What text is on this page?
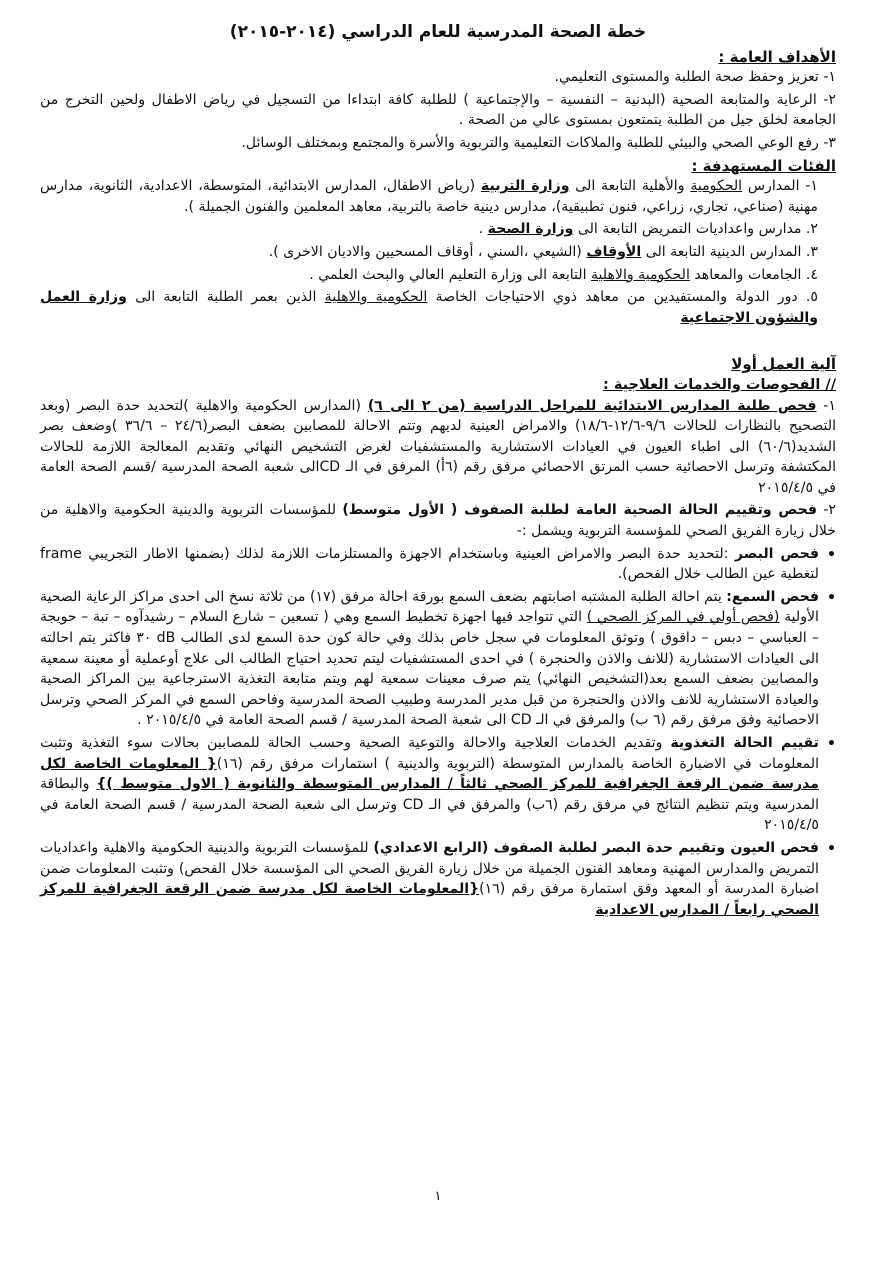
خطة الصحة المدرسية للعام الدراسي (٢٠١٤-٢٠١٥)
الأهداف العامة :
١- تعزيز وحفظ صحة الطلبة والمستوى التعليمي.
٢- الرعاية والمتابعة الصحية (البدنية – النفسية – والإجتماعية ) للطلبة كافة ابتداءا من التسجيل في رياض الاطفال ولحين التخرج من الجامعة لخلق جيل من الطلبة يتمتعون بمستوى عالي من الصحة .
٣- رفع الوعي الصحي والبيئي للطلبة والملاكات التعليمية والتربوية والأسرة والمجتمع وبمختلف الوسائل.
الفئات المستهدفة :
١- المدارس الحكومية والأهلية التابعة الى وزارة التربية (رياض الاطفال، المدارس الابتدائية، المتوسطة، الاعدادية، الثانوية، مدارس مهنية (صناعي، تجاري، زراعي، فنون تطبيقية)، مدارس دينية خاصة بالتربية، معاهد المعلمين والفنون الجميلة ).
٢. مدارس واعداديات التمريض التابعة الى وزارة الصحة .
٣. المدارس الدينية التابعة الى الأوقاف (الشيعي ،السني ، أوقاف المسحيين والاديان الاخرى ).
٤. الجامعات والمعاهد الحكومية والاهلية التابعة الى وزارة التعليم العالي والبحث العلمي .
٥. دور الدولة والمستفيدين من معاهد ذوي الاحتياجات الخاصة الحكومية والاهلية الذين بعمر الطلبة التابعة الى وزارة العمل والشؤون الاجتماعية
آلية العمل أولا
// الفحوصات والخدمات العلاجية :
١- فحص طلبة المدارس الابتدائية للمراحل الدراسية (من ٢ الى ٦) (المدارس الحكومية والاهلية )لتحديد حدة البصر (وبعد التصحيح بالنظارات للحالات ٩/٦-١٢/٦-١٨/٦) والامراض العينية لديهم وتتم الاحالة للمصابين بضعف البصر(٢٤/٦ – ٣٦/٦ )وضعف بصر الشديد(٦٠/٦) الى اطباء العيون في العيادات الاستشارية والمستشفيات لغرض التشخيص النهائي وتقديم المعالجة اللازمة للحالات المكتشفة وترسل الاحصائية حسب المرتق الاحصائي مرفق رقم (٦أ) المرفق في الـ CDالى شعبة الصحة المدرسية /قسم الصحة العامة في ٢٠١٥/٤/٥
٢- فحص وتقييم الحالة الصحية العامة لطلبة الصفوف ( الأول متوسط) للمؤسسات التربوية والدينية الحكومية والاهلية من خلال زيارة الفريق الصحي للمؤسسة التربوية ويشمل :-
•
فحص البصر :لتحديد حدة البصر والامراض العينية وباستخدام الاجهزة والمستلزمات اللازمة لذلك (بضمنها الاطار التجريبي frame لتغطية عين الطالب خلال الفحص).
•
فحص السمع: يتم احالة الطلبة المشتبه اصابتهم بضعف السمع بورقة احالة مرفق (١٧) من ثلاثة نسخ الى احدى مراكز الرعاية الصحية الأولية (فحص أولي في المركز الصحي ) التي تتواجد فيها اجهزة تخطيط السمع وهي ( تسعين – شارع السلام – رشيدآوه – تبة – حويجة – العباسي – دبس – داقوق ) وتوثق المعلومات في سجل خاص بذلك وفي حالة كون حدة السمع لدى الطالب dB ٣٠ فاكثر يتم احالته الى العيادات الاستشارية (للانف والاذن والحنجرة ) في احدى المستشفيات ليتم تحديد احتياج الطالب الى علاج أوعملية أو معينة سمعية والمصابين بضعف السمع بعد(التشخيص النهائي) يتم صرف معينات سمعية لهم ويتم متابعة التغذية الاسترجاعية بين المراكز الصحية والعيادة الاستشارية للانف والاذن والحنجرة من قبل مدير المدرسة وطبيب الصحة المدرسية وفاحص السمع في المركز الصحي وترسل الاحصائية وفق مرفق رقم (٦ ب) والمرفق في الـ CD الى شعبة الصحة المدرسية / قسم الصحة العامة في ٢٠١٥/٤/٥ .
•
تقييم الحالة التغذوية وتقديم الخدمات العلاجية والاحالة والتوعية الصحية وحسب الحالة للمصابين بحالات سوء التغذية وتثبت المعلومات في الاضبارة الخاصة بالمدارس المتوسطة (التربوية والدينية ) استمارات مرفق رقم (١٦){ المعلومات الخاصة لكل مدرسة ضمن الرقعة الجغرافية للمركز الصحي ثالثاً / المدارس المتوسطة والثانوية ( الاول متوسط )} والبطاقة المدرسية ويتم تنظيم النتائج في مرفق رقم (٦ب) والمرفق في الـ CD وترسل الى شعبة الصحة المدرسية / قسم الصحة العامة في ٢٠١٥/٤/٥
•
فحص العيون وتقييم حدة البصر لطلبة الصفوف (الرابع الاعدادي) للمؤسسات التربوية والدينية الحكومية والاهلية واعداديات التمريض والمدارس المهنية ومعاهد الفنون الجميلة من خلال زيارة الفريق الصحي الى المؤسسة خلال الفحص) وتثبت المعلومات ضمن اضبارة المدرسة أو المعهد وفق استمارة مرفق رقم (١٦){المعلومات الخاصة لكل مدرسة ضمن الرقعة الجغرافية للمركز الصحي رابعاً / المدارس الاعدادية
١
